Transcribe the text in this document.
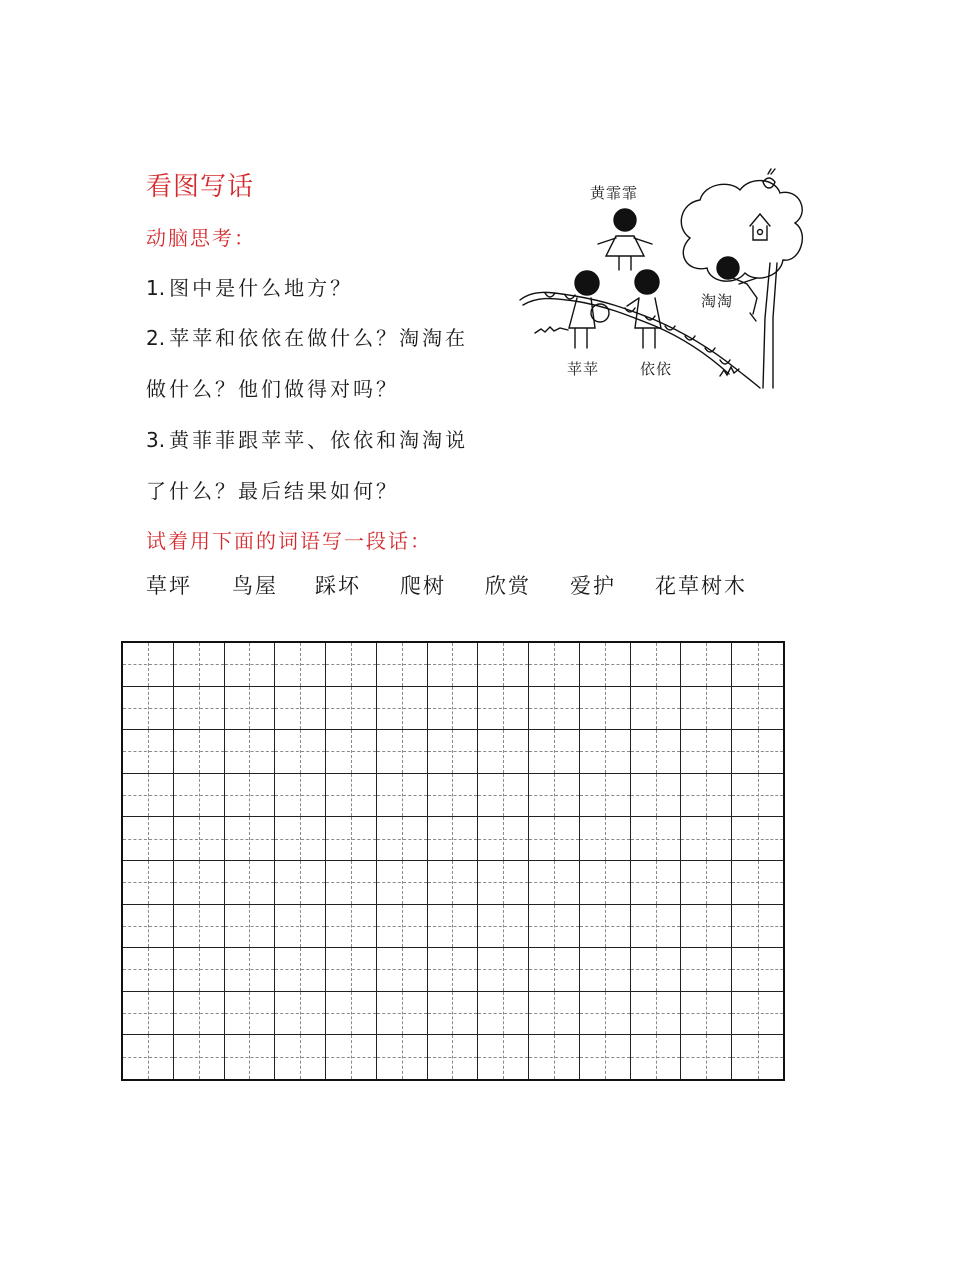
看图写话
动脑思考：
1. 图中是什么地方？
2. 苹苹和依依在做什么？淘淘在
做什么？他们做得对吗？
3. 黄菲菲跟苹苹、依依和淘淘说
了什么？最后结果如何？
试着用下面的词语写一段话：
草坪 鸟屋 踩坏 爬树 欣赏 爱护 花草树木
黄霏霏
苹苹	依依
淘淘
